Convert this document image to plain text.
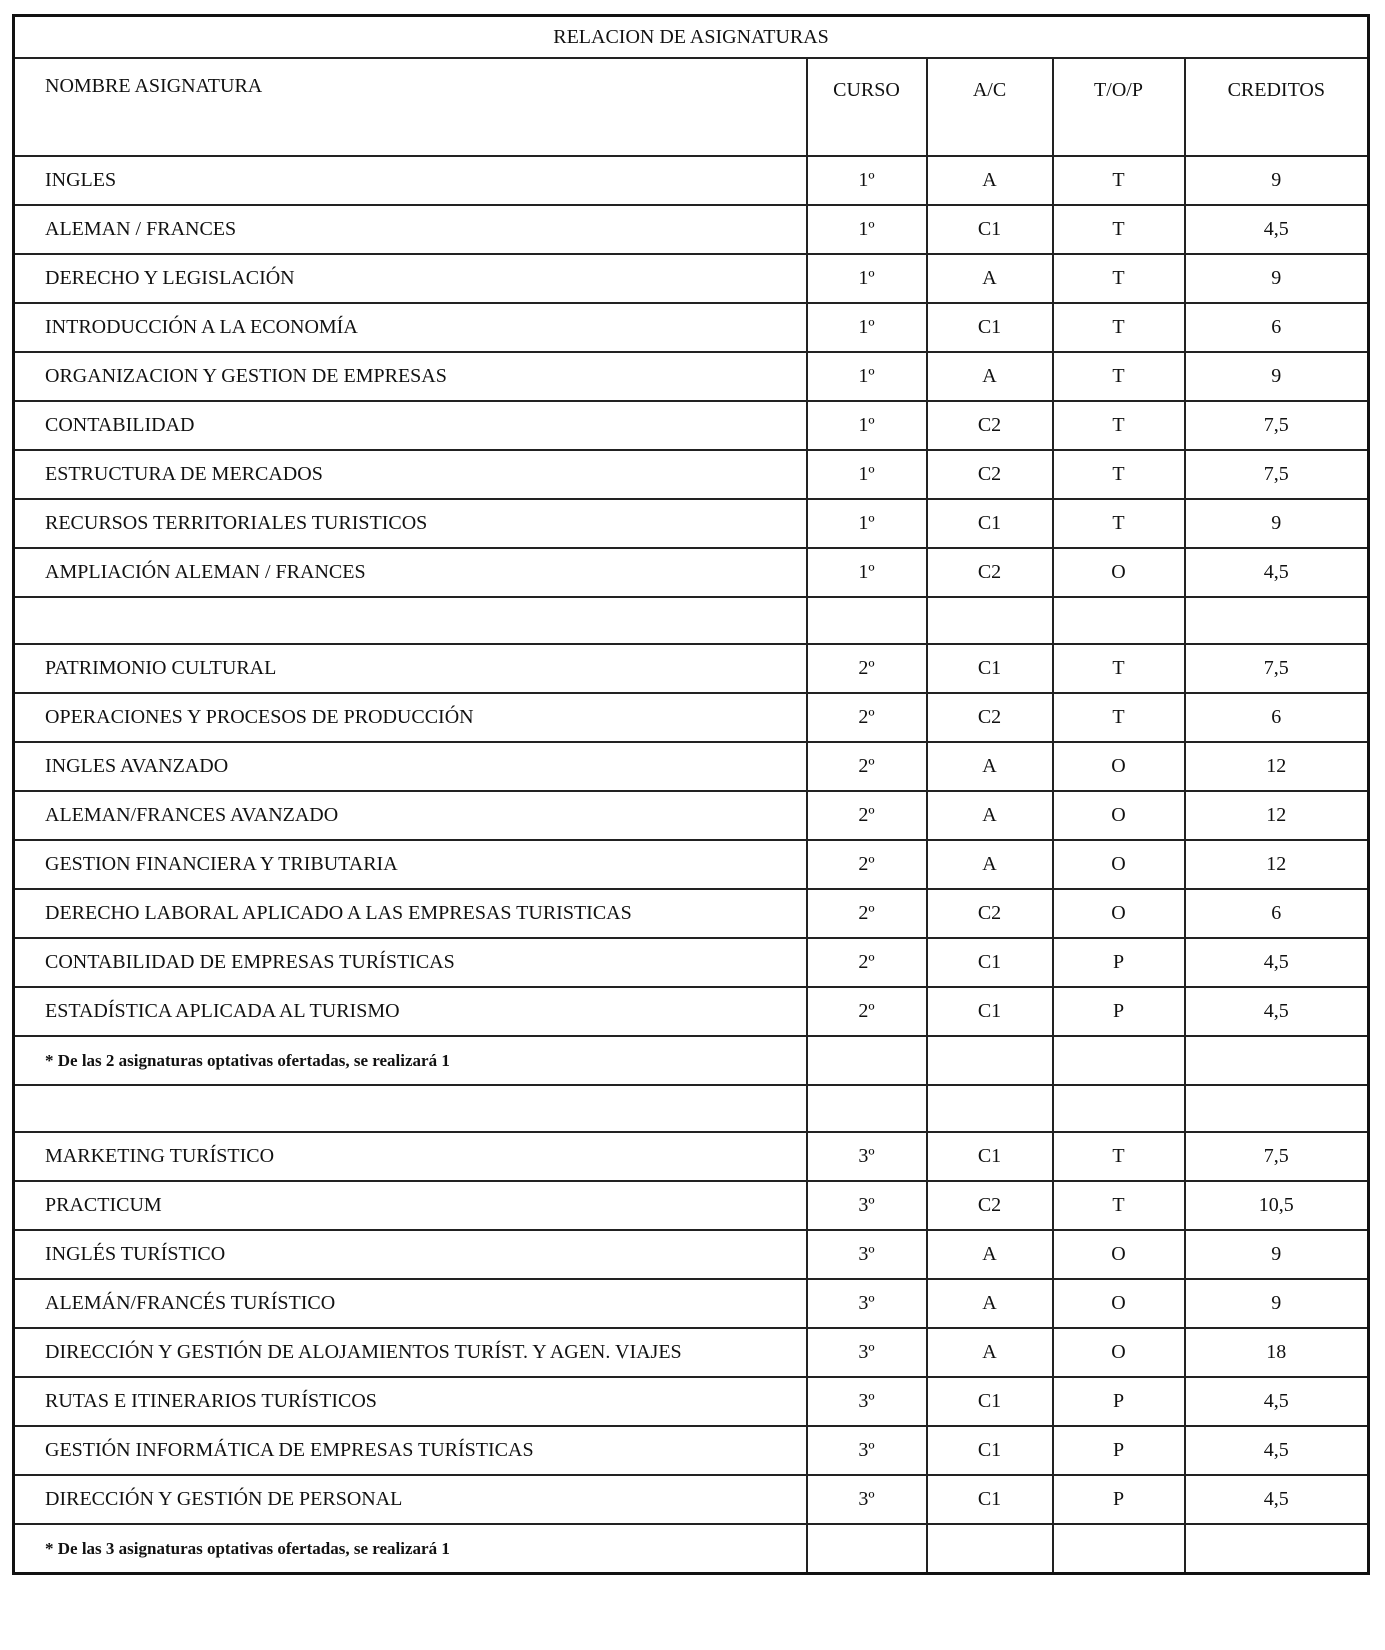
RELACION DE ASIGNATURAS				
NOMBRE ASIGNATURA	CURSO	A/C	T/O/P	CREDITOS
INGLES	1º	A	T	9
ALEMAN / FRANCES	1º	C1	T	4,5
DERECHO Y LEGISLACIÓN	1º	A	T	9
INTRODUCCIÓN A LA ECONOMÍA	1º	C1	T	6
ORGANIZACION Y GESTION DE EMPRESAS	1º	A	T	9
CONTABILIDAD	1º	C2	T	7,5
ESTRUCTURA DE MERCADOS	1º	C2	T	7,5
RECURSOS TERRITORIALES TURISTICOS	1º	C1	T	9
AMPLIACIÓN ALEMAN / FRANCES	1º	C2	O	4,5

PATRIMONIO CULTURAL	2º	C1	T	7,5
OPERACIONES Y PROCESOS DE PRODUCCIÓN	2º	C2	T	6
INGLES AVANZADO	2º	A	O	12
ALEMAN/FRANCES AVANZADO	2º	A	O	12
GESTION FINANCIERA Y TRIBUTARIA	2º	A	O	12
DERECHO LABORAL APLICADO A LAS EMPRESAS TURISTICAS	2º	C2	O	6
CONTABILIDAD DE EMPRESAS TURÍSTICAS	2º	C1	P	4,5
ESTADÍSTICA APLICADA AL TURISMO	2º	C1	P	4,5
* De las 2 asignaturas optativas ofertadas, se realizará 1				

MARKETING TURÍSTICO	3º	C1	T	7,5
PRACTICUM	3º	C2	T	10,5
INGLÉS TURÍSTICO	3º	A	O	9
ALEMÁN/FRANCÉS TURÍSTICO	3º	A	O	9
DIRECCIÓN Y GESTIÓN DE ALOJAMIENTOS TURÍST. Y AGEN. VIAJES	3º	A	O	18
RUTAS E ITINERARIOS TURÍSTICOS	3º	C1	P	4,5
GESTIÓN INFORMÁTICA DE EMPRESAS TURÍSTICAS	3º	C1	P	4,5
DIRECCIÓN Y GESTIÓN DE PERSONAL	3º	C1	P	4,5
* De las 3 asignaturas optativas ofertadas, se realizará 1				
